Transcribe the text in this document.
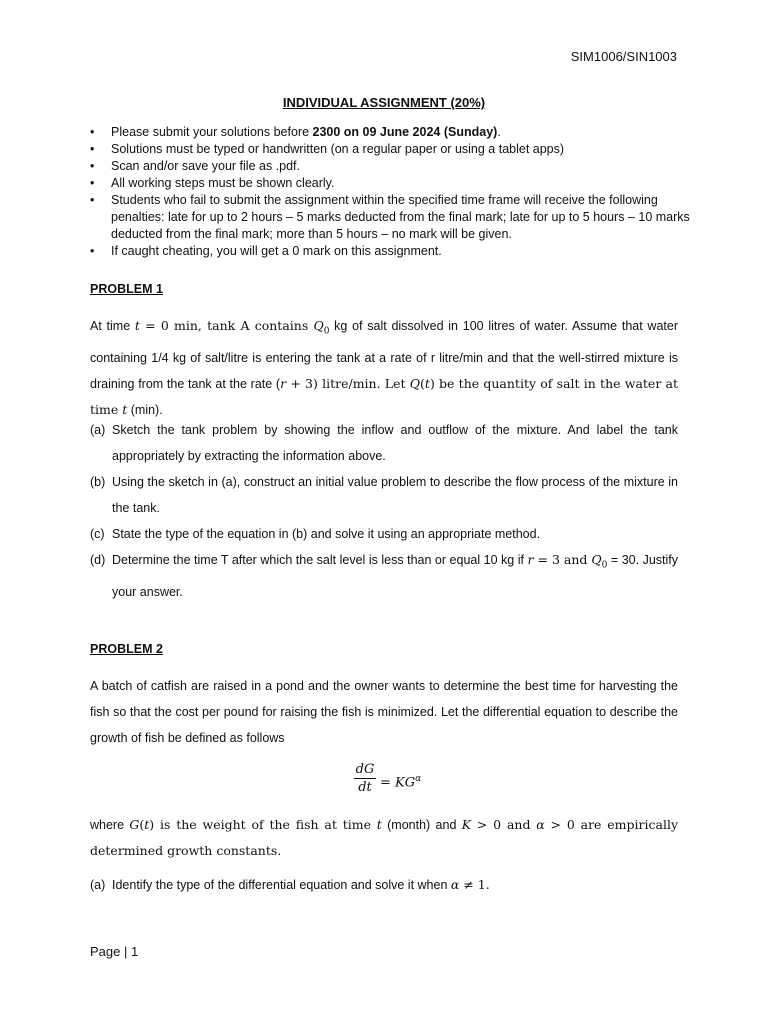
SIM1006/SIN1003
INDIVIDUAL ASSIGNMENT (20%)
• Please submit your solutions before 2300 on 09 June 2024 (Sunday).
• Solutions must be typed or handwritten (on a regular paper or using a tablet apps)
• Scan and/or save your file as .pdf.
• All working steps must be shown clearly.
• Students who fail to submit the assignment within the specified time frame will receive the following penalties: late for up to 2 hours – 5 marks deducted from the final mark; late for up to 5 hours – 10 marks deducted from the final mark; more than 5 hours – no mark will be given.
• If caught cheating, you will get a 0 mark on this assignment.
PROBLEM 1
At time t = 0 min, tank A contains $Q_0$ kg of salt dissolved in 100 litres of water. Assume that water containing 1/4 kg of salt/litre is entering the tank at a rate of r litre/min and that the well-stirred mixture is draining from the tank at the rate (r + 3) litre/min. Let Q(t) be the quantity of salt in the water at time t (min).
(a) Sketch the tank problem by showing the inflow and outflow of the mixture. And label the tank appropriately by extracting the information above.
(b) Using the sketch in (a), construct an initial value problem to describe the flow process of the mixture in the tank.
(c) State the type of the equation in (b) and solve it using an appropriate method.
(d) Determine the time T after which the salt level is less than or equal 10 kg if r = 3 and $Q_0 = 30$. Justify your answer.
PROBLEM 2
A batch of catfish are raised in a pond and the owner wants to determine the best time for harvesting the fish so that the cost per pound for raising the fish is minimized. Let the differential equation to describe the growth of fish be defined as follows
dG
dt = $KG^\alpha$
where G(t) is the weight of the fish at time t (month) and K > 0 and α > 0 are empirically determined growth constants.
(a) Identify the type of the differential equation and solve it when α ≠ 1.
Page | 1
